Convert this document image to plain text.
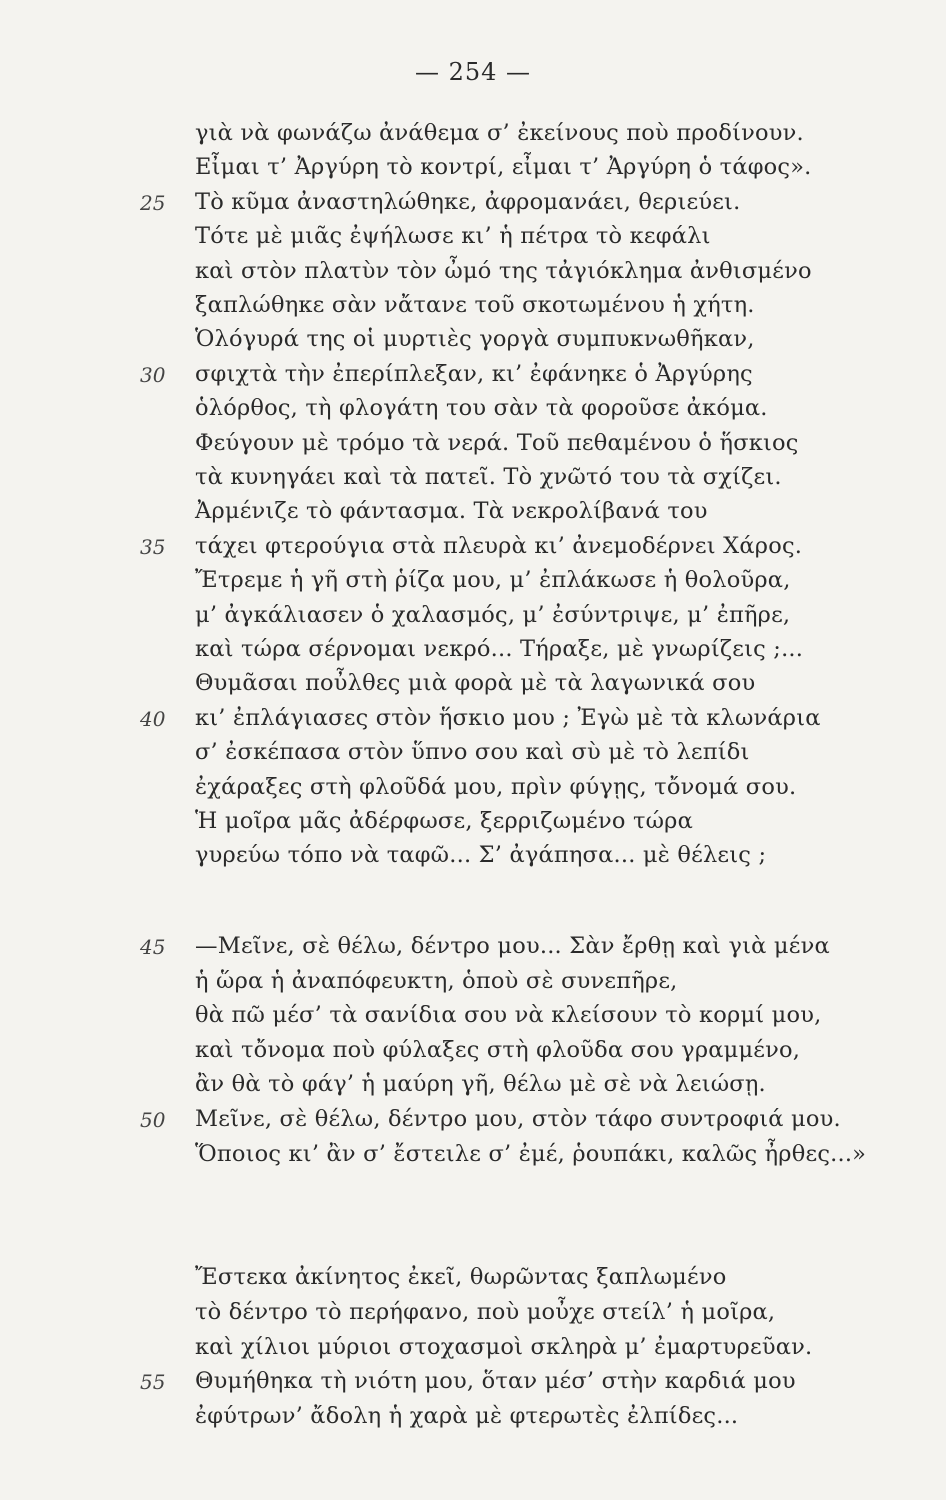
— 254 —
γιὰ νὰ φωνάζω ἀνάθεμα σ’ ἐκείνους ποὺ προδίνουν.
Εἶμαι τ’ Ἀργύρη τὸ κοντρί, εἶμαι τ’ Ἀργύρη ὁ τάφος».
Τὸ κῦμα ἀναστηλώθηκε, ἀφρομανάει, θεριεύει.
25
Τότε μὲ μιᾶς ἐψήλωσε κι’ ἡ πέτρα τὸ κεφάλι
καὶ στὸν πλατὺν τὸν ὦμό της τἀγιόκλημα ἀνθισμένο
ξαπλώθηκε σὰν νἄτανε τοῦ σκοτωμένου ἡ χήτη.
Ὁλόγυρά της οἱ μυρτιὲς γοργὰ συμπυκνωθῆκαν,
σφιχτὰ τὴν ἐπερίπλεξαν, κι’ ἐφάνηκε ὁ Ἀργύρης
30
ὁλόρθος, τὴ φλογάτη του σὰν τὰ φοροῦσε ἀκόμα.
Φεύγουν μὲ τρόμο τὰ νερά. Τοῦ πεθαμένου ὁ ἥσκιος
τὰ κυνηγάει καὶ τὰ πατεῖ. Τὸ χνῶτό του τὰ σχίζει.
Ἀρμένιζε τὸ φάντασμα. Τὰ νεκρολίβανά του
τάχει φτερούγια στὰ πλευρὰ κι’ ἀνεμοδέρνει Χάρος.
35
Ἔτρεμε ἡ γῆ στὴ ῥίζα μου, μ’ ἐπλάκωσε ἡ θολοῦρα,
μ’ ἀγκάλιασεν ὁ χαλασμός, μ’ ἐσύντριψε, μ’ ἐπῆρε,
καὶ τώρα σέρνομαι νεκρό... Τήραξε, μὲ γνωρίζεις ;...
Θυμᾶσαι ποὖλθες μιὰ φορὰ μὲ τὰ λαγωνικά σου
κι’ ἐπλάγιασες στὸν ἥσκιο μου ; Ἐγὼ μὲ τὰ κλωνάρια
40
σ’ ἐσκέπασα στὸν ὕπνο σου καὶ σὺ μὲ τὸ λεπίδι
ἐχάραξες στὴ φλοῦδά μου, πρὶν φύγῃς, τὄνομά σου.
Ἡ μοῖρα μᾶς ἀδέρφωσε, ξερριζωμένο τώρα
γυρεύω τόπο νὰ ταφῶ... Σ’ ἀγάπησα... μὲ θέλεις ;
—Μεῖνε, σὲ θέλω, δέντρο μου... Σὰν ἔρθῃ καὶ γιὰ μένα
45
ἡ ὥρα ἡ ἀναπόφευκτη, ὁποὺ σὲ συνεπῆρε,
θὰ πῶ μέσ’ τὰ σανίδια σου νὰ κλείσουν τὸ κορμί μου,
καὶ τὄνομα ποὺ φύλαξες στὴ φλοῦδα σου γραμμένο,
ἂν θὰ τὸ φάγ’ ἡ μαύρη γῆ, θέλω μὲ σὲ νὰ λειώσῃ.
Μεῖνε, σὲ θέλω, δέντρο μου, στὸν τάφο συντροφιά μου.
50
Ὅποιος κι’ ἂν σ’ ἔστειλε σ’ ἐμέ, ῥουπάκι, καλῶς ἦρθες...»
Ἔστεκα ἀκίνητος ἐκεῖ, θωρῶντας ξαπλωμένο
τὸ δέντρο τὸ περήφανο, ποὺ μοὖχε στείλ’ ἡ μοῖρα,
καὶ χίλιοι μύριοι στοχασμοὶ σκληρὰ μ’ ἐμαρτυρεῦαν.
Θυμήθηκα τὴ νιότη μου, ὅταν μέσ’ στὴν καρδιά μου
55
ἐφύτρων’ ἄδολη ἡ χαρὰ μὲ φτερωτὲς ἐλπίδες...
